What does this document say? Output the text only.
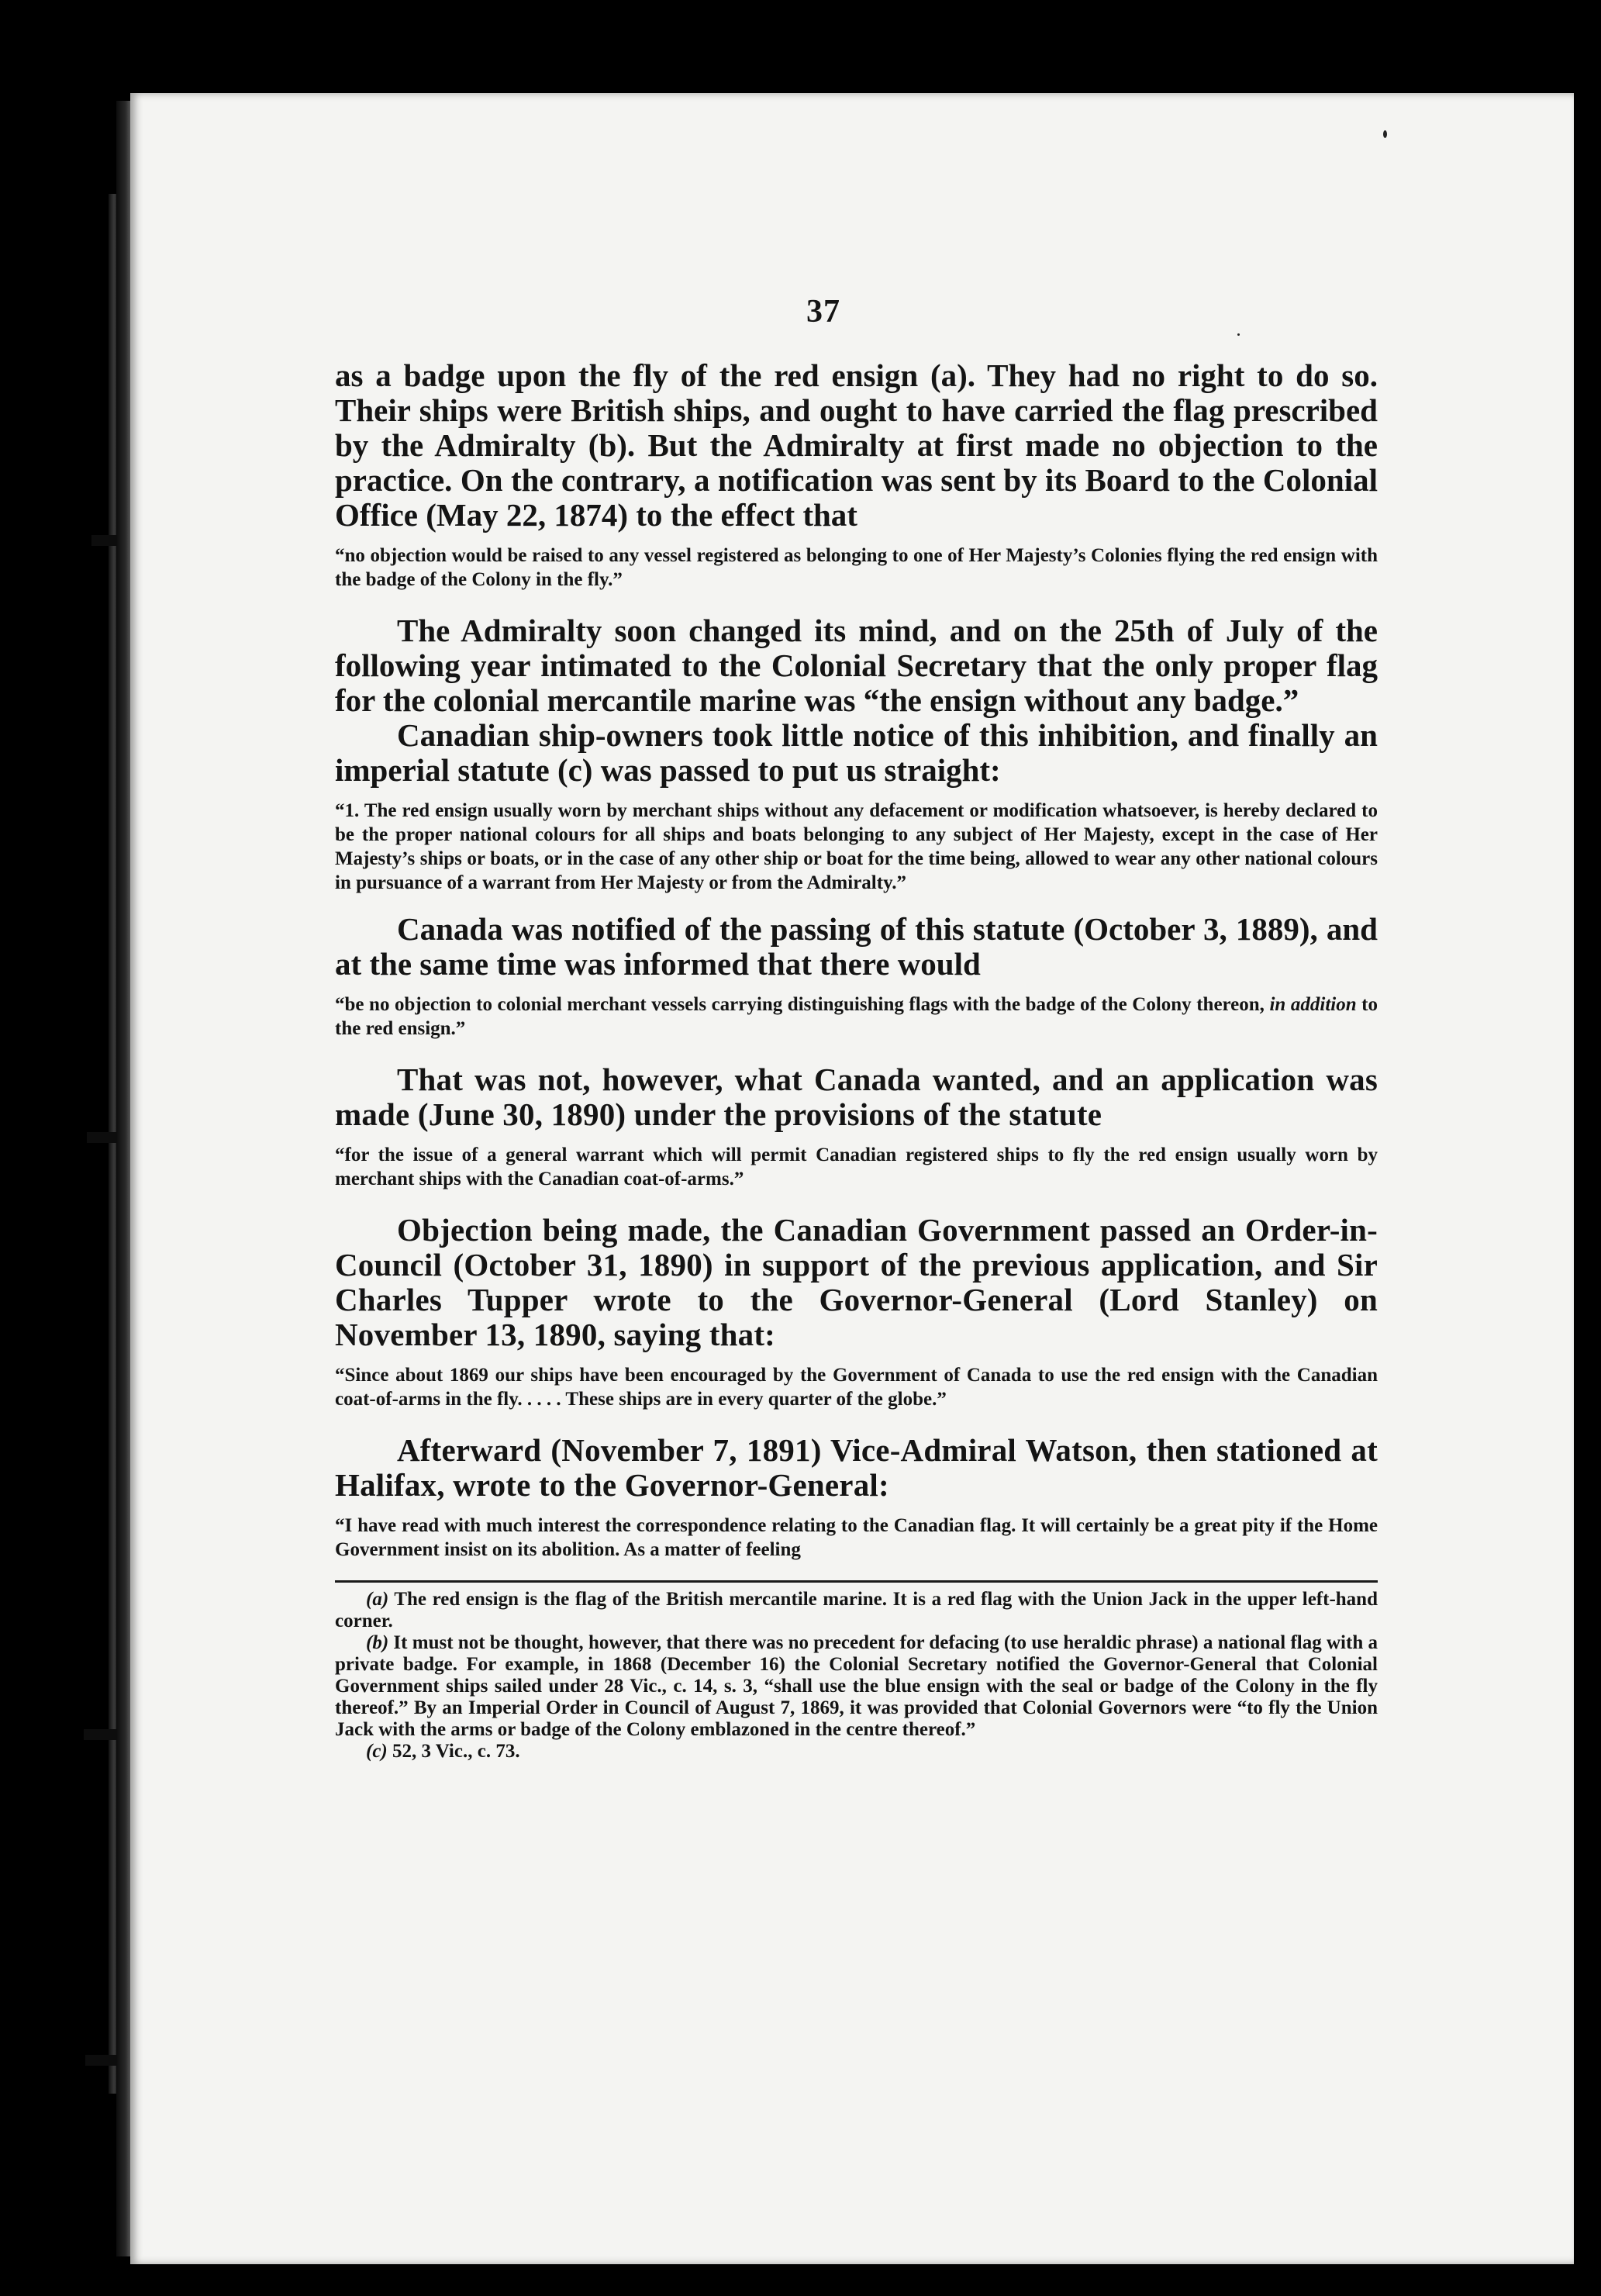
37

as a badge upon the fly of the red ensign (a). They had no right to do so. Their ships were British ships, and ought to have carried the flag prescribed by the Admiralty (b). But the Admiralty at first made no objection to the practice. On the contrary, a notification was sent by its Board to the Colonial Office (May 22, 1874) to the effect that

“no objection would be raised to any vessel registered as belonging to one of Her Majesty’s Colonies flying the red ensign with the badge of the Colony in the fly.”

The Admiralty soon changed its mind, and on the 25th of July of the following year intimated to the Colonial Secretary that the only proper flag for the colonial mercantile marine was “the ensign without any badge.”

Canadian ship-owners took little notice of this inhibition, and finally an imperial statute (c) was passed to put us straight:

“1. The red ensign usually worn by merchant ships without any defacement or modification whatsoever, is hereby declared to be the proper national colours for all ships and boats belonging to any subject of Her Majesty, except in the case of Her Majesty’s ships or boats, or in the case of any other ship or boat for the time being, allowed to wear any other national colours in pursuance of a warrant from Her Majesty or from the Admiralty.”

Canada was notified of the passing of this statute (October 3, 1889), and at the same time was informed that there would

“be no objection to colonial merchant vessels carrying distinguishing flags with the badge of the Colony thereon, in addition to the red ensign.”

That was not, however, what Canada wanted, and an application was made (June 30, 1890) under the provisions of the statute

“for the issue of a general warrant which will permit Canadian registered ships to fly the red ensign usually worn by merchant ships with the Canadian coat-of-arms.”

Objection being made, the Canadian Government passed an Order-in-Council (October 31, 1890) in support of the previous application, and Sir Charles Tupper wrote to the Governor-General (Lord Stanley) on November 13, 1890, saying that:

“Since about 1869 our ships have been encouraged by the Government of Canada to use the red ensign with the Canadian coat-of-arms in the fly. . . . . These ships are in every quarter of the globe.”

Afterward (November 7, 1891) Vice-Admiral Watson, then stationed at Halifax, wrote to the Governor-General:

“I have read with much interest the correspondence relating to the Canadian flag. It will certainly be a great pity if the Home Government insist on its abolition. As a matter of feeling

(a) The red ensign is the flag of the British mercantile marine. It is a red flag with the Union Jack in the upper left-hand corner.

(b) It must not be thought, however, that there was no precedent for defacing (to use heraldic phrase) a national flag with a private badge. For example, in 1868 (December 16) the Colonial Secretary notified the Governor-General that Colonial Government ships sailed under 28 Vic., c. 14, s. 3, “shall use the blue ensign with the seal or badge of the Colony in the fly thereof.” By an Imperial Order in Council of August 7, 1869, it was provided that Colonial Governors were “to fly the Union Jack with the arms or badge of the Colony emblazoned in the centre thereof.”

(c) 52, 3 Vic., c. 73.
